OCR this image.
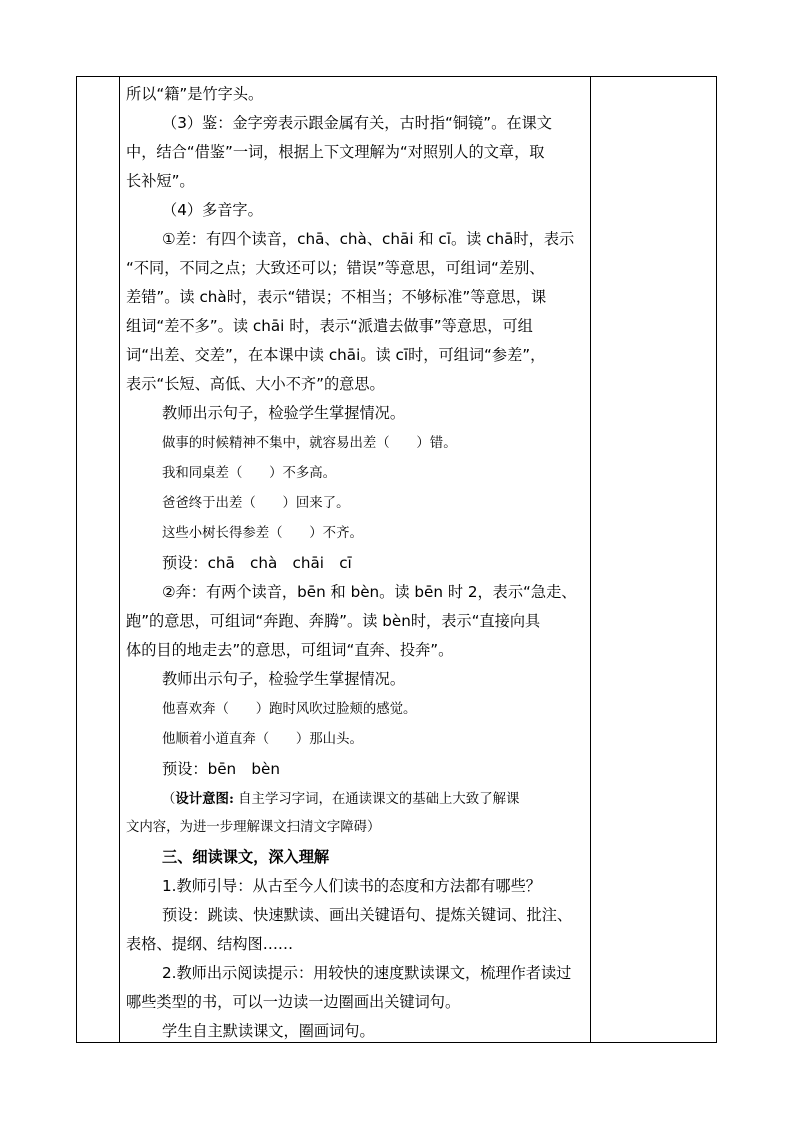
所以“籍”是竹字头。
（3）鉴：金字旁表示跟金属有关，古时指“铜镜”。在课文
中，结合“借鉴”一词，根据上下文理解为“对照别人的文章，取
长补短”。
（4）多音字。
①差：有四个读音，chā、chà、chāi 和 cī。读 chā时，表示
“不同，不同之点；大致还可以；错误”等意思，可组词“差别、
差错”。读 chà时，表示“错误；不相当；不够标准”等意思，课
组词“差不多”。读 chāi 时，表示“派遣去做事”等意思，可组
词“出差、交差”，在本课中读 chāi。读 cī时，可组词“参差”，
表示“长短、高低、大小不齐”的意思。
教师出示句子，检验学生掌握情况。
做事的时候精神不集中，就容易出差（　　）错。
我和同桌差（　　）不多高。
爸爸终于出差（　　）回来了。
这些小树长得参差（　　）不齐。
预设：chā　chà　chāi　cī
②奔：有两个读音，bēn 和 bèn。读 bēn 时 2，表示“急走、
跑”的意思，可组词“奔跑、奔腾”。读 bèn时，表示“直接向具
体的目的地走去”的意思，可组词“直奔、投奔”。
教师出示句子，检验学生掌握情况。
他喜欢奔（　　）跑时风吹过脸颊的感觉。
他顺着小道直奔（　　）那山头。
预设：bēn　bèn
（设计意图: 自主学习字词，在通读课文的基础上大致了解课
文内容，为进一步理解课文扫清文字障碍）
三、细读课文，深入理解
1.教师引导：从古至今人们读书的态度和方法都有哪些？
预设：跳读、快速默读、画出关键语句、提炼关键词、批注、
表格、提纲、结构图……
2.教师出示阅读提示：用较快的速度默读课文，梳理作者读过
哪些类型的书，可以一边读一边圈画出关键词句。
学生自主默读课文，圈画词句。
